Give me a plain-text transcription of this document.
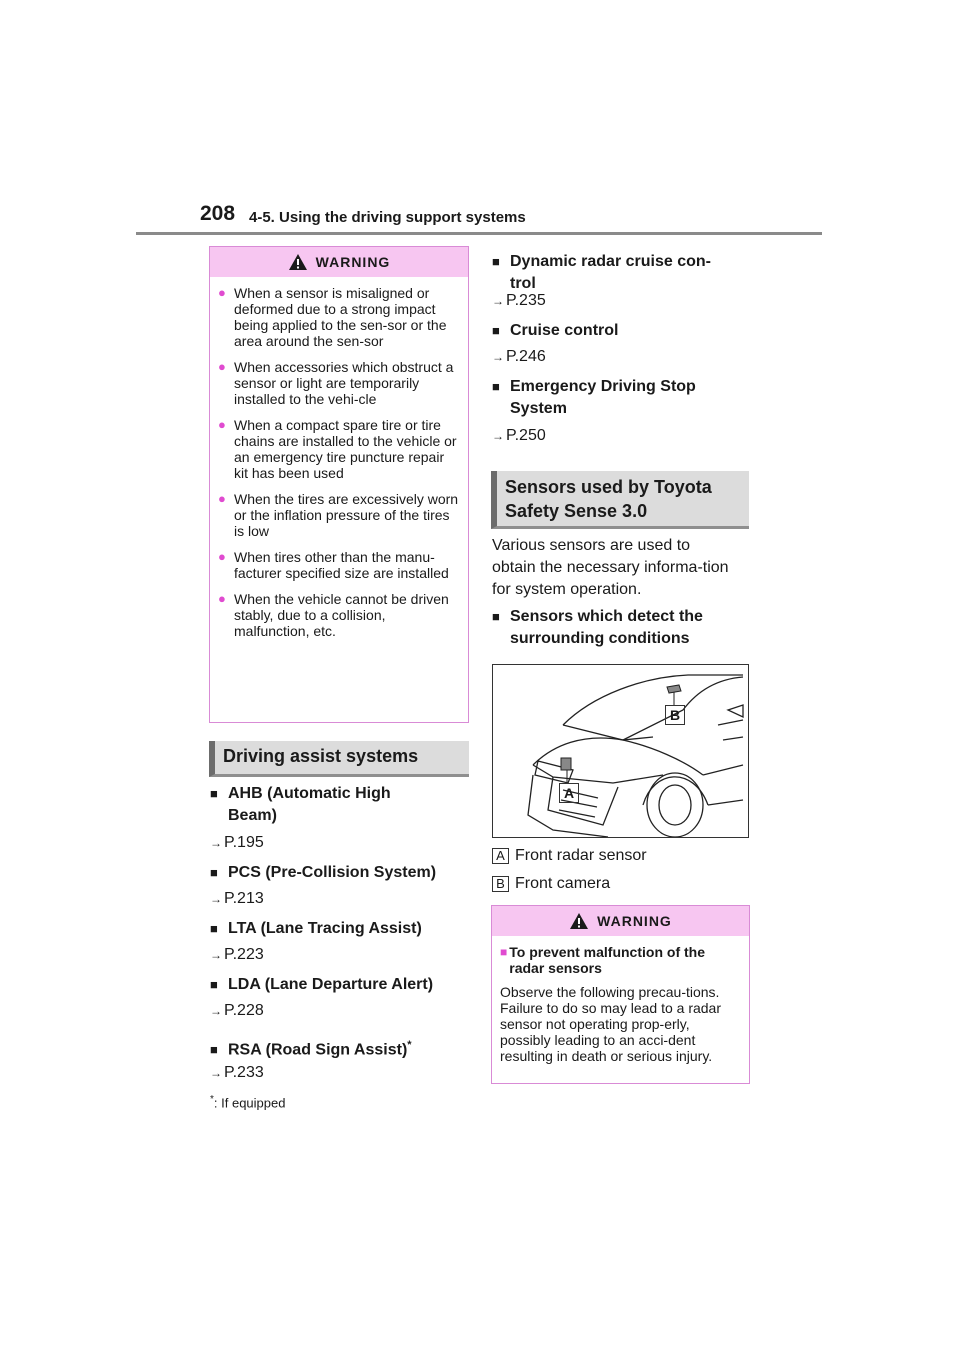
208 4-5. Using the driving support systems
WARNING
● When a sensor is misaligned or deformed due to a strong impact being applied to the sen-sor or the area around the sen-sor
● When accessories which obstruct a sensor or light are temporarily installed to the vehi-cle
● When a compact spare tire or tire chains are installed to the vehicle or an emergency tire puncture repair kit has been used
● When the tires are excessively worn or the inflation pressure of the tires is low
● When tires other than the manu-facturer specified size are installed
● When the vehicle cannot be driven stably, due to a collision, malfunction, etc.
Driving assist systems
■ AHB (Automatic High Beam)
→ P.195
■ PCS (Pre-Collision System)
→ P.213
■ LTA (Lane Tracing Assist)
→ P.223
■ LDA (Lane Departure Alert)
→ P.228
■ RSA (Road Sign Assist)*
→ P.233
*: If equipped
■ Dynamic radar cruise con-trol
→ P.235
■ Cruise control
→ P.246
■ Emergency Driving Stop System
→ P.250
Sensors used by Toyota Safety Sense 3.0
Various sensors are used to obtain the necessary informa-tion for system operation.
■ Sensors which detect the surrounding conditions
B
A
A Front radar sensor
B Front camera
WARNING
■ To prevent malfunction of the radar sensors
Observe the following precau-tions. Failure to do so may lead to a radar sensor not operating prop-erly, possibly leading to an acci-dent resulting in death or serious injury.
